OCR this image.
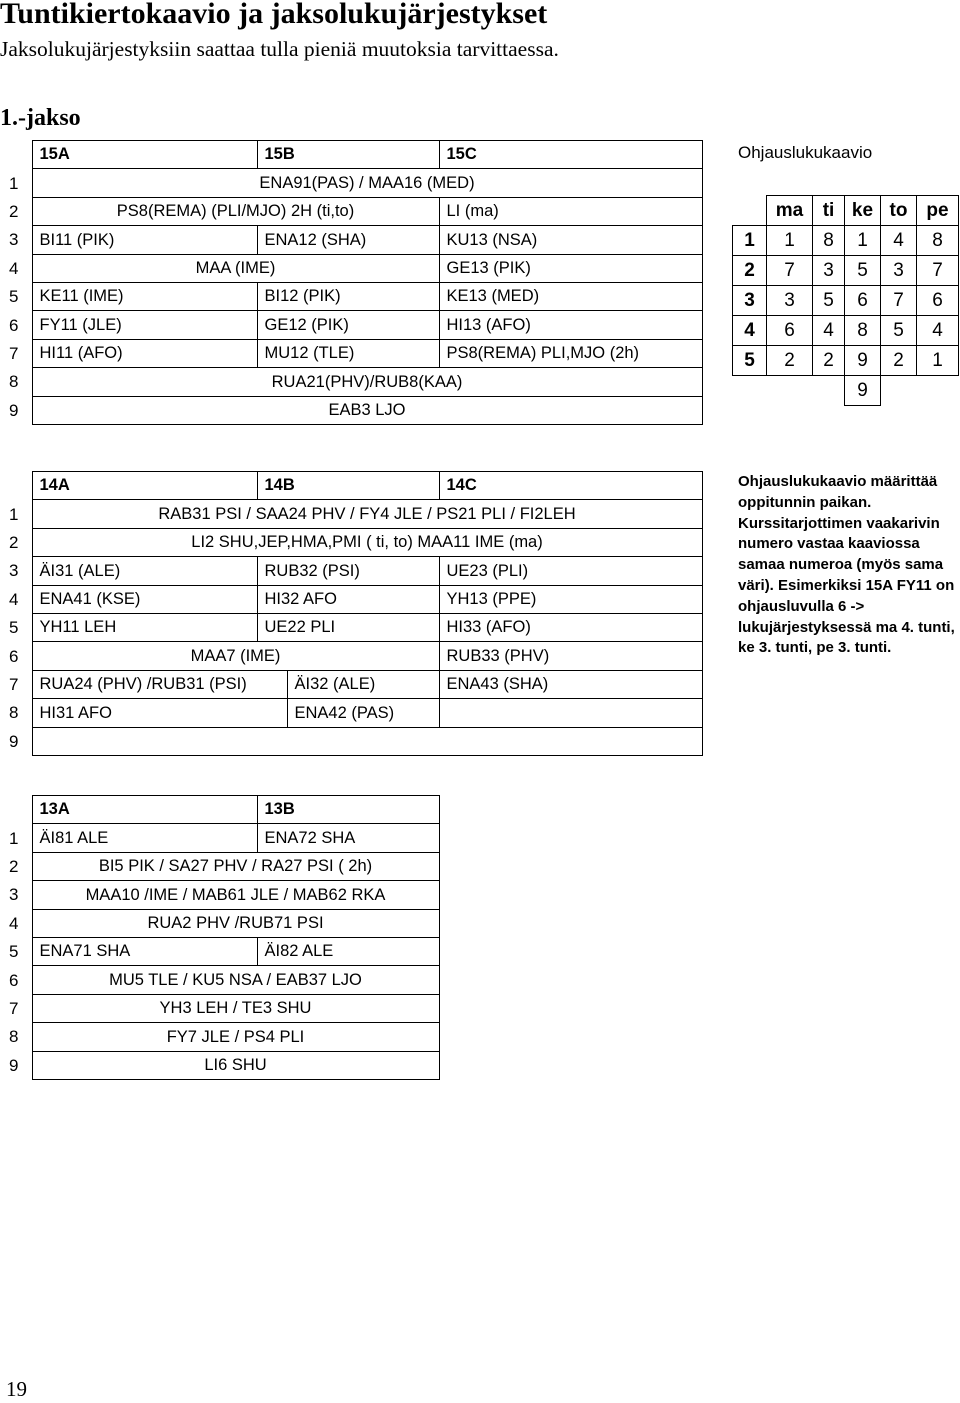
Tuntikiertokaavio ja jaksolukujärjestykset

Jaksolukujärjestyksiin saattaa tulla pieniä muutoksia tarvittaessa.

1.-jakso
	15A	15B	15C
1	ENA91(PAS) / MAA16 (MED)		
2	PS8(REMA) (PLI/MJO) 2H (ti,to)		LI (ma)
3	BI11 (PIK)	ENA12 (SHA)	KU13 (NSA)
4	MAA (IME)		GE13 (PIK)
5	KE11 (IME)	BI12 (PIK)	KE13 (MED)
6	FY11 (JLE)	GE12 (PIK)	HI13 (AFO)
7	HI11 (AFO)	MU12 (TLE)	PS8(REMA) PLI,MJO (2h)
8	RUA21(PHV)/RUB8(KAA)		
9	EAB3 LJO		
Ohjauslukukaavio
	ma	ti	ke	to	pe
1	1	8	1	4	8
2	7	3	5	3	7
3	3	5	6	7	6
4	6	4	8	5	4
5	2	2	9	2	1
			9		
Ohjauslukukaavio määrittää oppitunnin paikan. Kurssitarjottimen vaakarivin numero vastaa kaaviossa samaa numeroa (myös sama väri). Esimerkiksi 15A FY11 on ohjausluvulla 6 -> lukujärjestyksessä ma 4. tunti, ke 3. tunti, pe 3. tunti.
	14A	14B		14C
1	RAB31 PSI / SAA24 PHV / FY4 JLE / PS21 PLI / FI2LEH			
2	LI2 SHU,JEP,HMA,PMI ( ti, to) MAA11 IME (ma)			
3	ÄI31 (ALE)	RUB32 (PSI)		UE23 (PLI)
4	ENA41 (KSE)	HI32 AFO		YH13 (PPE)
5	YH11 LEH	UE22 PLI		HI33 (AFO)
6	MAA7 (IME)			RUB33 (PHV)
7	RUA24 (PHV) /RUB31 (PSI)		ÄI32 (ALE)	ENA43 (SHA)
8	HI31 AFO		ENA42 (PAS)	
9				
	13A	13B
1	ÄI81 ALE	ENA72 SHA
2	BI5 PIK / SA27 PHV / RA27 PSI ( 2h)	
3	MAA10 /IME / MAB61 JLE / MAB62 RKA	
4	RUA2 PHV /RUB71 PSI	
5	ENA71 SHA	ÄI82 ALE
6	MU5 TLE / KU5 NSA / EAB37 LJO	
7	YH3 LEH / TE3 SHU	
8	FY7 JLE / PS4 PLI	
9	LI6 SHU	
19
